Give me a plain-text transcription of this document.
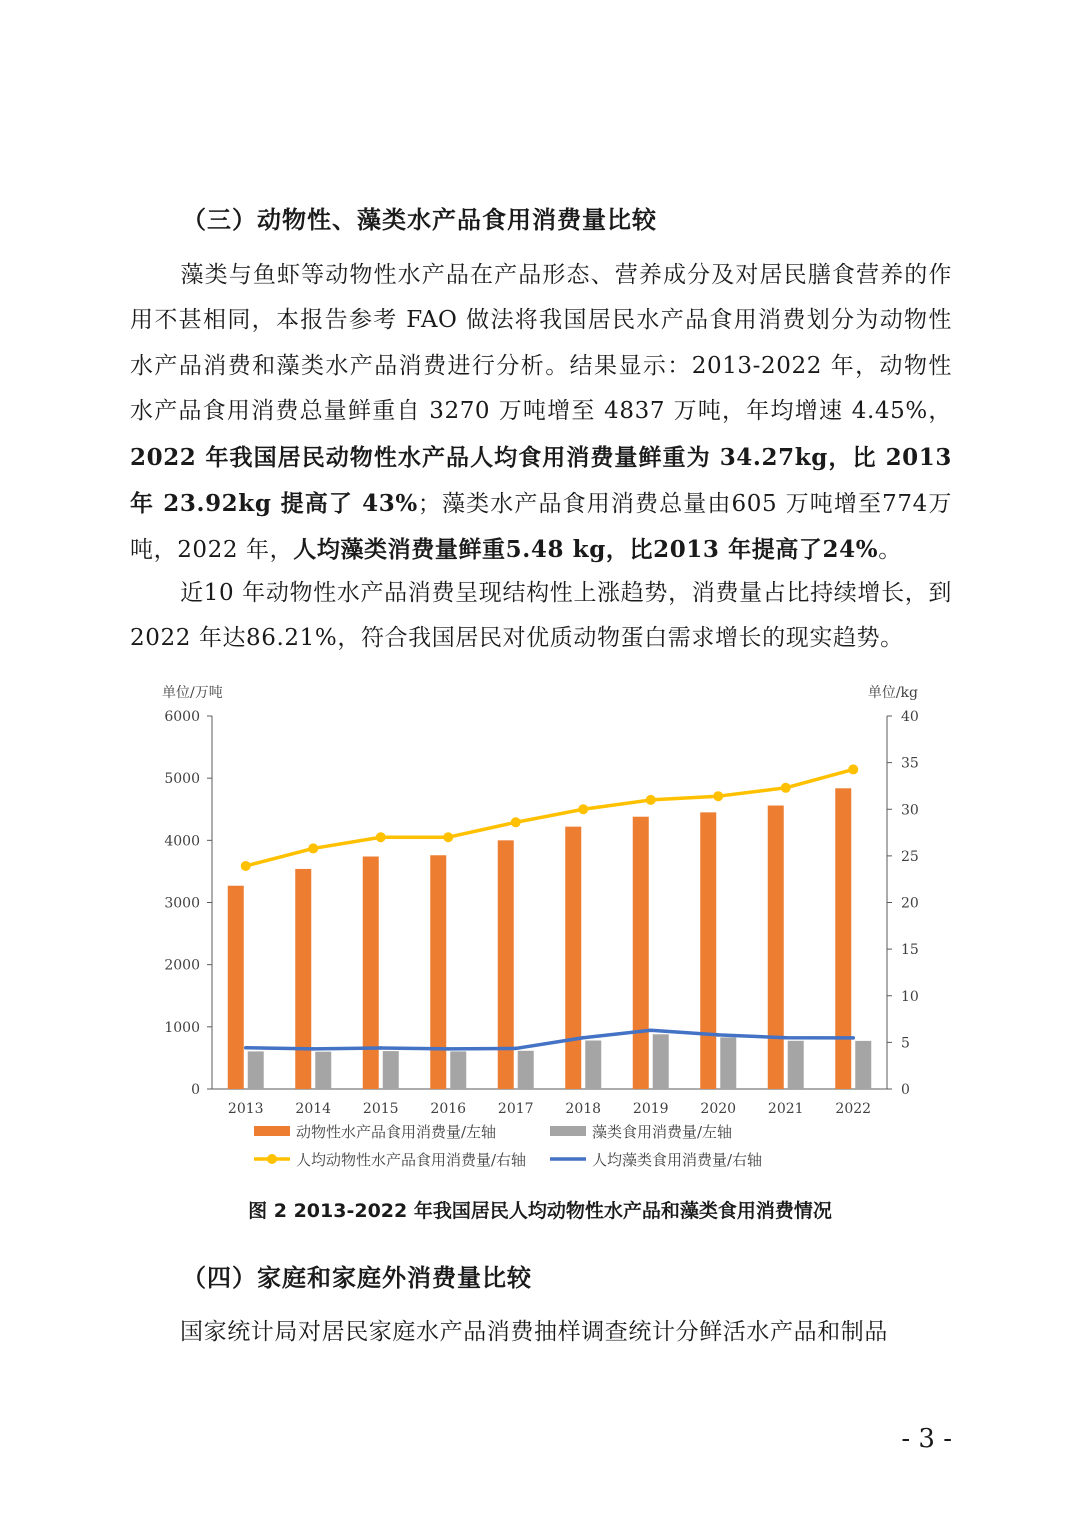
（三）动物性、藻类水产品食用消费量比较
藻类与鱼虾等动物性水产品在产品形态、营养成分及对居民膳食营养的作用不甚相同，本报告参考 FAO 做法将我国居民水产品食用消费划分为动物性水产品消费和藻类水产品消费进行分析。结果显示：2013-2022 年，动物性水产品食用消费总量鲜重自 3270 万吨增至 4837 万吨，年均增速 4.45%，2022 年我国居民动物性水产品人均食用消费量鲜重为 34.27kg，比 2013 年 23.92kg 提高了 43%；藻类水产品食用消费总量由605 万吨增至774万吨，2022 年，人均藻类消费量鲜重5.48 kg，比2013 年提高了24%。
近10 年动物性水产品消费呈现结构性上涨趋势，消费量占比持续增长，到2022 年达86.21%，符合我国居民对优质动物蛋白需求增长的现实趋势。
0
1000
2000
3000
4000
5000
6000
0
5
10
15
20
25
30
35
40
单位/万吨	单位/kg
2013 2014 2015 2016 2017 2018 2019 2020 2021 2022
动物性水产品食用消费量/左轴	藻类食用消费量/左轴
人均动物性水产品食用消费量/右轴	人均藻类食用消费量/右轴
图 2 2013-2022 年我国居民人均动物性水产品和藻类食用消费情况
（四）家庭和家庭外消费量比较
国家统计局对居民家庭水产品消费抽样调查统计分鲜活水产品和制品
- 3 -
